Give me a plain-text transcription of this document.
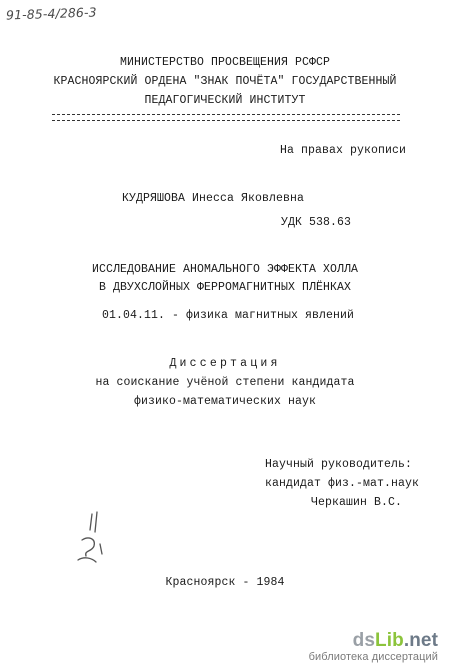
91-85-4/286-3
МИНИСТЕРСТВО ПРОСВЕЩЕНИЯ РСФСР
КРАСНОЯРСКИЙ ОРДЕНА "ЗНАК ПОЧЁТА" ГОСУДАРСТВЕННЫЙ
ПЕДАГОГИЧЕСКИЙ ИНСТИТУТ
На правах рукописи
КУДРЯШОВА Инесса Яковлевна
УДК 538.63
ИССЛЕДОВАНИЕ АНОМАЛЬНОГО ЭФФЕКТА ХОЛЛА
В ДВУХСЛОЙНЫХ ФЕРРОМАГНИТНЫХ ПЛЁНКАХ
01.04.11. - физика магнитных явлений
Диссертация
на соискание учёной степени кандидата
физико-математических наук
Научный руководитель:
кандидат физ.-мат.наук
Черкашин В.С.
Красноярск - 1984
dsLib.net
библиотека диссертаций
